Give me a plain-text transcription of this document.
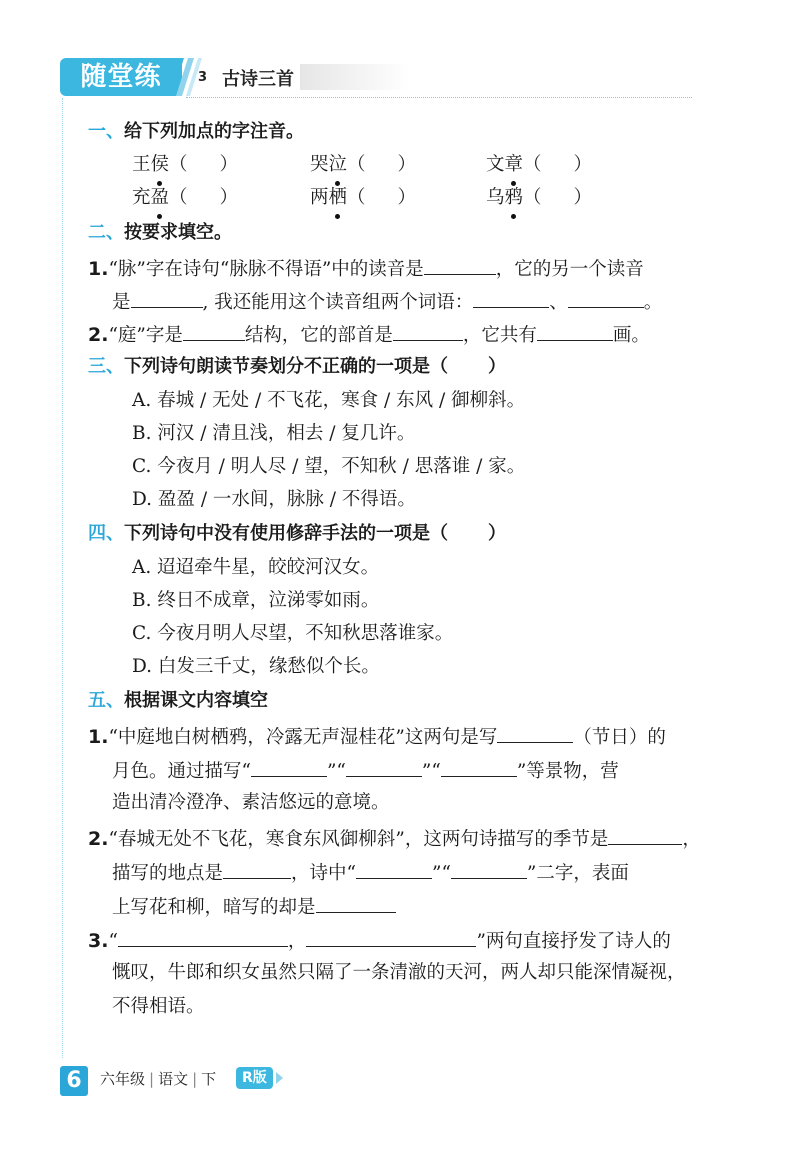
随堂练	3 古诗三首
一、给下列加点的字注音。
王侯（ ）	哭泣（ ）	文章（ ）
充盈（ ）	两栖（ ）	乌鸦（ ）
二、按要求填空。
1.“脉”字在诗句“脉脉不得语”中的读音是	，它的另一个读音
是	, 我还能用这个读音组两个词语：	、	。
2.“庭”字是	结构，它的部首是	，它共有	画。
三、下列诗句朗读节奏划分不正确的一项是（ ）
A. 春城 / 无处 / 不飞花，寒食 / 东风 / 御柳斜。
B. 河汉 / 清且浅，相去 / 复几许。
C. 今夜月 / 明人尽 / 望，不知秋 / 思落谁 / 家。
D. 盈盈 / 一水间，脉脉 / 不得语。
四、下列诗句中没有使用修辞手法的一项是（ ）
A. 迢迢牵牛星，皎皎河汉女。
B. 终日不成章，泣涕零如雨。
C. 今夜月明人尽望，不知秋思落谁家。
D. 白发三千丈，缘愁似个长。
五、根据课文内容填空
1.“中庭地白树栖鸦，冷露无声湿桂花”这两句是写	（节日）的
月色。通过描写“	”“	”“	”等景物，营
造出清冷澄净、素洁悠远的意境。
2.“春城无处不飞花，寒食东风御柳斜”，这两句诗描写的季节是	，
描写的地点是	，诗中“	”“	”二字，表面
上写花和柳，暗写的却是
3.“	，	”两句直接抒发了诗人的
慨叹，牛郎和织女虽然只隔了一条清澈的天河，两人却只能深情凝视，
不得相语。
6	六年级 | 语文 | 下	R版
